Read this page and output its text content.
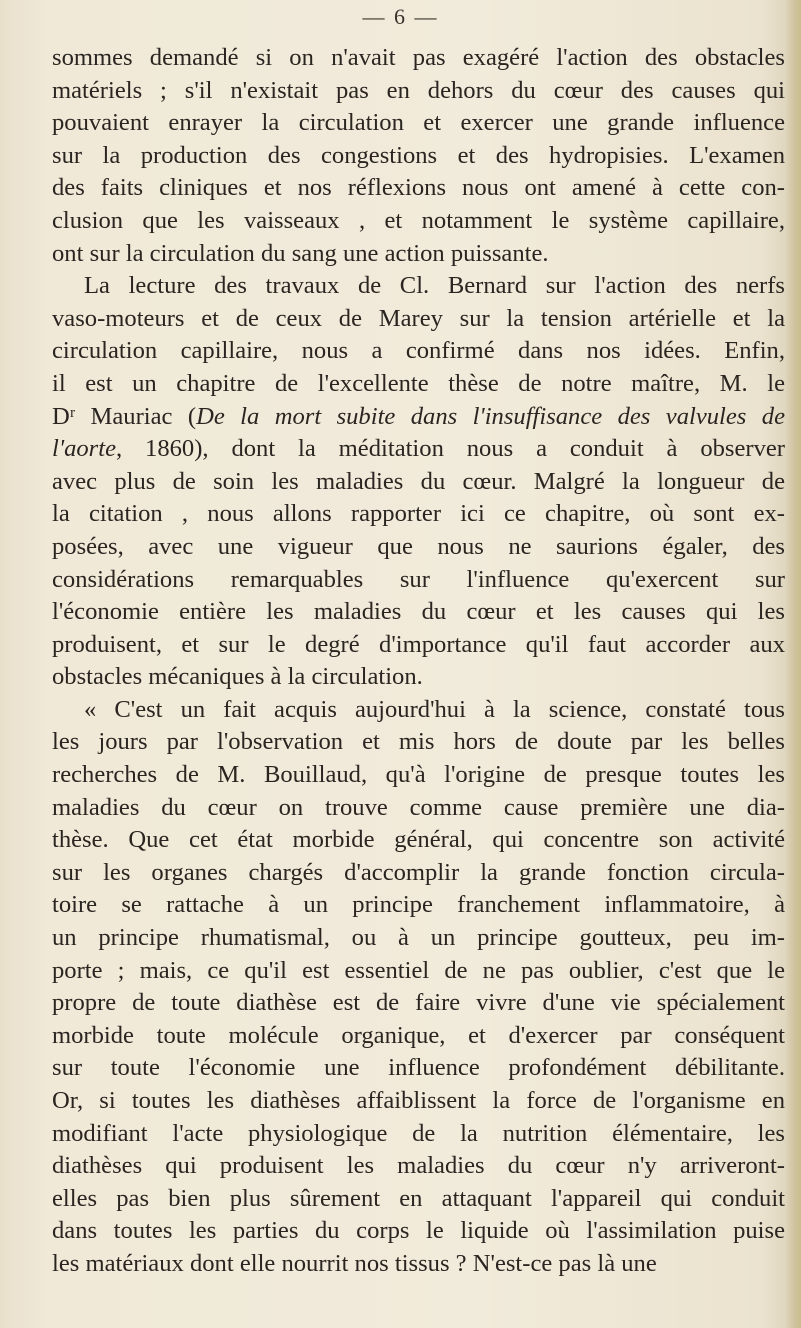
— 6 —
sommes demandé si on n'avait pas exagéré l'action des obstacles
matériels ; s'il n'existait pas en dehors du cœur des causes qui
pouvaient enrayer la circulation et exercer une grande influence
sur la production des congestions et des hydropisies. L'examen
des faits cliniques et nos réflexions nous ont amené à cette con-
clusion que les vaisseaux , et notamment le système capillaire,
ont sur la circulation du sang une action puissante.
La lecture des travaux de Cl. Bernard sur l'action des nerfs
vaso-moteurs et de ceux de Marey sur la tension artérielle et la
circulation capillaire, nous a confirmé dans nos idées. Enfin,
il est un chapitre de l'excellente thèse de notre maître, M. le
Dʳ Mauriac (De la mort subite dans l'insuffisance des valvules de
l'aorte, 1860), dont la méditation nous a conduit à observer
avec plus de soin les maladies du cœur. Malgré la longueur de
la citation , nous allons rapporter ici ce chapitre, où sont ex-
posées, avec une vigueur que nous ne saurions égaler, des
considérations remarquables sur l'influence qu'exercent sur
l'économie entière les maladies du cœur et les causes qui les
produisent, et sur le degré d'importance qu'il faut accorder aux
obstacles mécaniques à la circulation.
« C'est un fait acquis aujourd'hui à la science, constaté tous
les jours par l'observation et mis hors de doute par les belles
recherches de M. Bouillaud, qu'à l'origine de presque toutes les
maladies du cœur on trouve comme cause première une dia-
thèse. Que cet état morbide général, qui concentre son activité
sur les organes chargés d'accomplir la grande fonction circula-
toire se rattache à un principe franchement inflammatoire, à
un principe rhumatismal, ou à un principe goutteux, peu im-
porte ; mais, ce qu'il est essentiel de ne pas oublier, c'est que le
propre de toute diathèse est de faire vivre d'une vie spécialement
morbide toute molécule organique, et d'exercer par conséquent
sur toute l'économie une influence profondément débilitante.
Or, si toutes les diathèses affaiblissent la force de l'organisme en
modifiant l'acte physiologique de la nutrition élémentaire, les
diathèses qui produisent les maladies du cœur n'y arriveront-
elles pas bien plus sûrement en attaquant l'appareil qui conduit
dans toutes les parties du corps le liquide où l'assimilation puise
les matériaux dont elle nourrit nos tissus ? N'est-ce pas là une
